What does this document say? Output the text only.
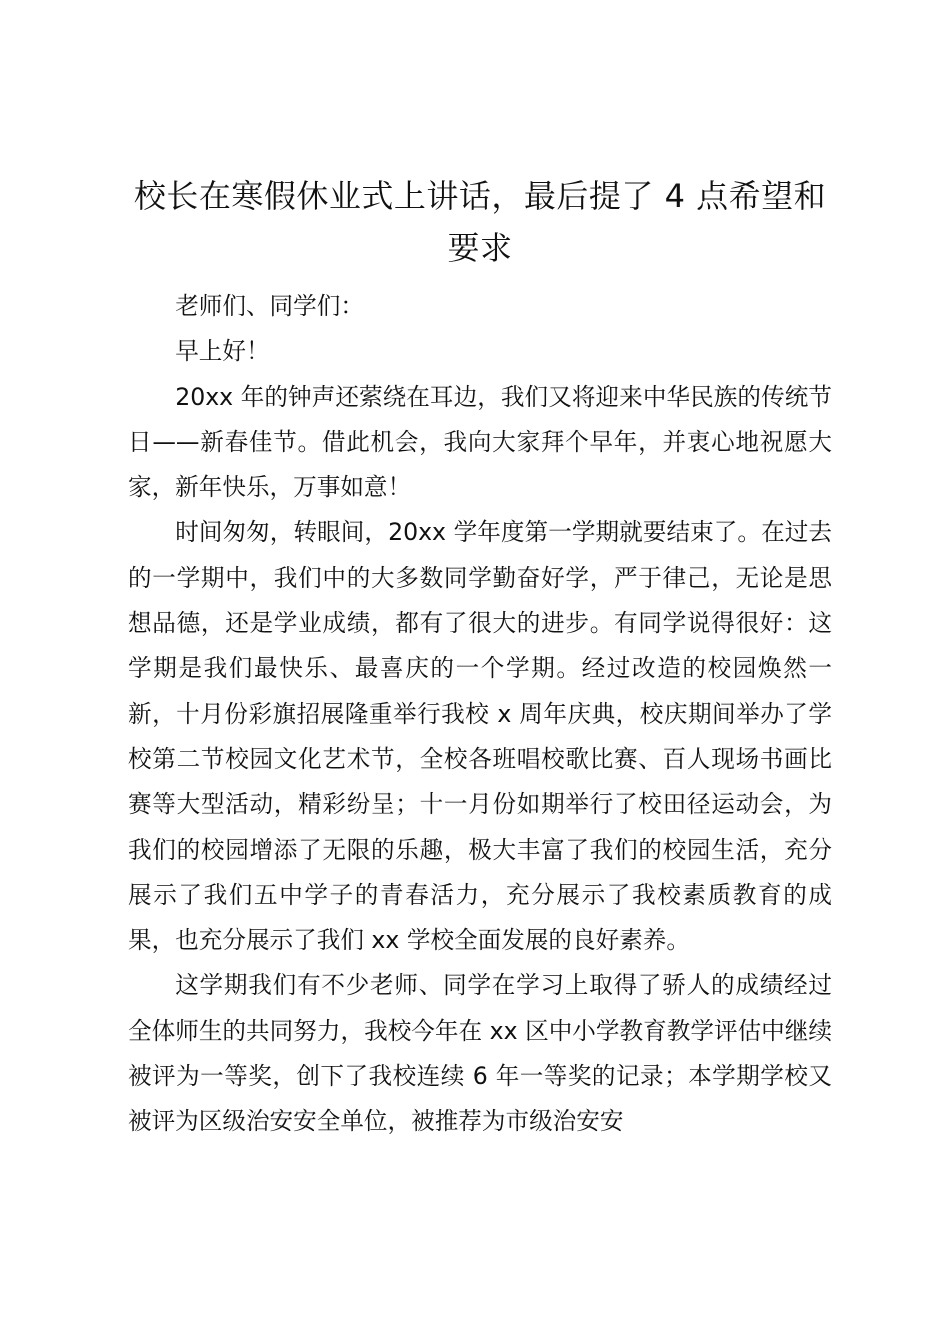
校长在寒假休业式上讲话，最后提了 4 点希望和要求

老师们、同学们：

早上好！

20xx 年的钟声还萦绕在耳边，我们又将迎来中华民族的传统节日——新春佳节。借此机会，我向大家拜个早年，并衷心地祝愿大家，新年快乐，万事如意！

时间匆匆，转眼间，20xx 学年度第一学期就要结束了。在过去的一学期中，我们中的大多数同学勤奋好学，严于律己，无论是思想品德，还是学业成绩，都有了很大的进步。有同学说得很好：这学期是我们最快乐、最喜庆的一个学期。经过改造的校园焕然一新，十月份彩旗招展隆重举行我校 x 周年庆典，校庆期间举办了学校第二节校园文化艺术节，全校各班唱校歌比赛、百人现场书画比赛等大型活动，精彩纷呈；十一月份如期举行了校田径运动会，为我们的校园增添了无限的乐趣，极大丰富了我们的校园生活，充分展示了我们五中学子的青春活力，充分展示了我校素质教育的成果，也充分展示了我们 xx 学校全面发展的良好素养。

这学期我们有不少老师、同学在学习上取得了骄人的成绩经过全体师生的共同努力，我校今年在 xx 区中小学教育教学评估中继续被评为一等奖，创下了我校连续 6 年一等奖的记录；本学期学校又被评为区级治安安全单位，被推荐为市级治安安
